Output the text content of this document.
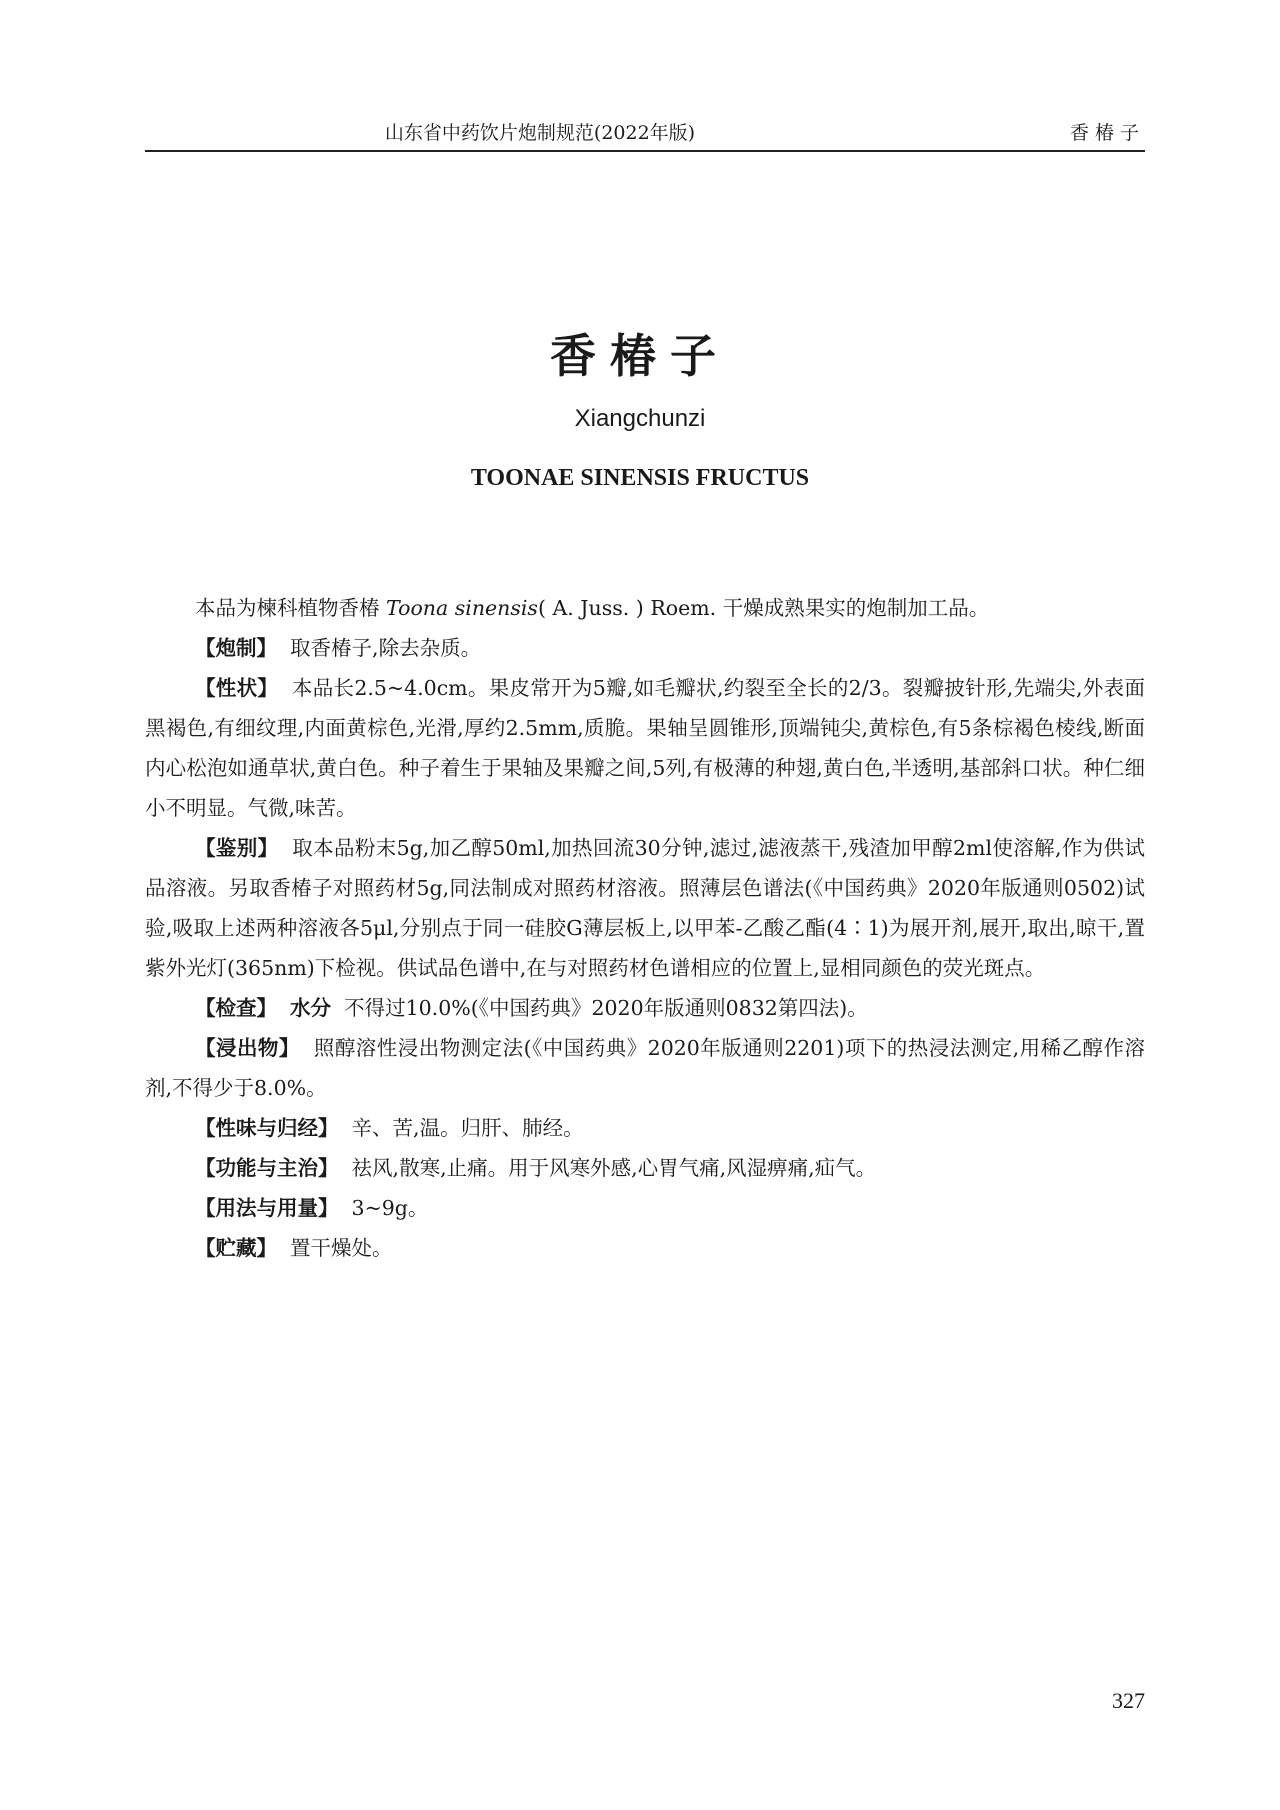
山东省中药饮片炮制规范(2022年版)	香椿子
香椿子
Xiangchunzi
TOONAE SINENSIS FRUCTUS

本品为楝科植物香椿 Toona sinensis( A. Juss. ) Roem. 干燥成熟果实的炮制加工品。

【炮制】 取香椿子,除去杂质。

【性状】 本品长2.5~4.0cm。果皮常开为5瓣,如毛瓣状,约裂至全长的2/3。裂瓣披针形,先端尖,外表面黑褐色,有细纹理,内面黄棕色,光滑,厚约2.5mm,质脆。果轴呈圆锥形,顶端钝尖,黄棕色,有5条棕褐色棱线,断面内心松泡如通草状,黄白色。种子着生于果轴及果瓣之间,5列,有极薄的种翅,黄白色,半透明,基部斜口状。种仁细小不明显。气微,味苦。

【鉴别】 取本品粉末5g,加乙醇50ml,加热回流30分钟,滤过,滤液蒸干,残渣加甲醇2ml使溶解,作为供试品溶液。另取香椿子对照药材5g,同法制成对照药材溶液。照薄层色谱法(《中国药典》2020年版通则0502)试验,吸取上述两种溶液各5μl,分别点于同一硅胶G薄层板上,以甲苯-乙酸乙酯(4∶1)为展开剂,展开,取出,晾干,置紫外光灯(365nm)下检视。供试品色谱中,在与对照药材色谱相应的位置上,显相同颜色的荧光斑点。

【检查】 水分 不得过10.0%(《中国药典》2020年版通则0832第四法)。

【浸出物】 照醇溶性浸出物测定法(《中国药典》2020年版通则2201)项下的热浸法测定,用稀乙醇作溶剂,不得少于8.0%。

【性味与归经】 辛、苦,温。归肝、肺经。

【功能与主治】 祛风,散寒,止痛。用于风寒外感,心胃气痛,风湿痹痛,疝气。

【用法与用量】 3~9g。

【贮藏】 置干燥处。

327
